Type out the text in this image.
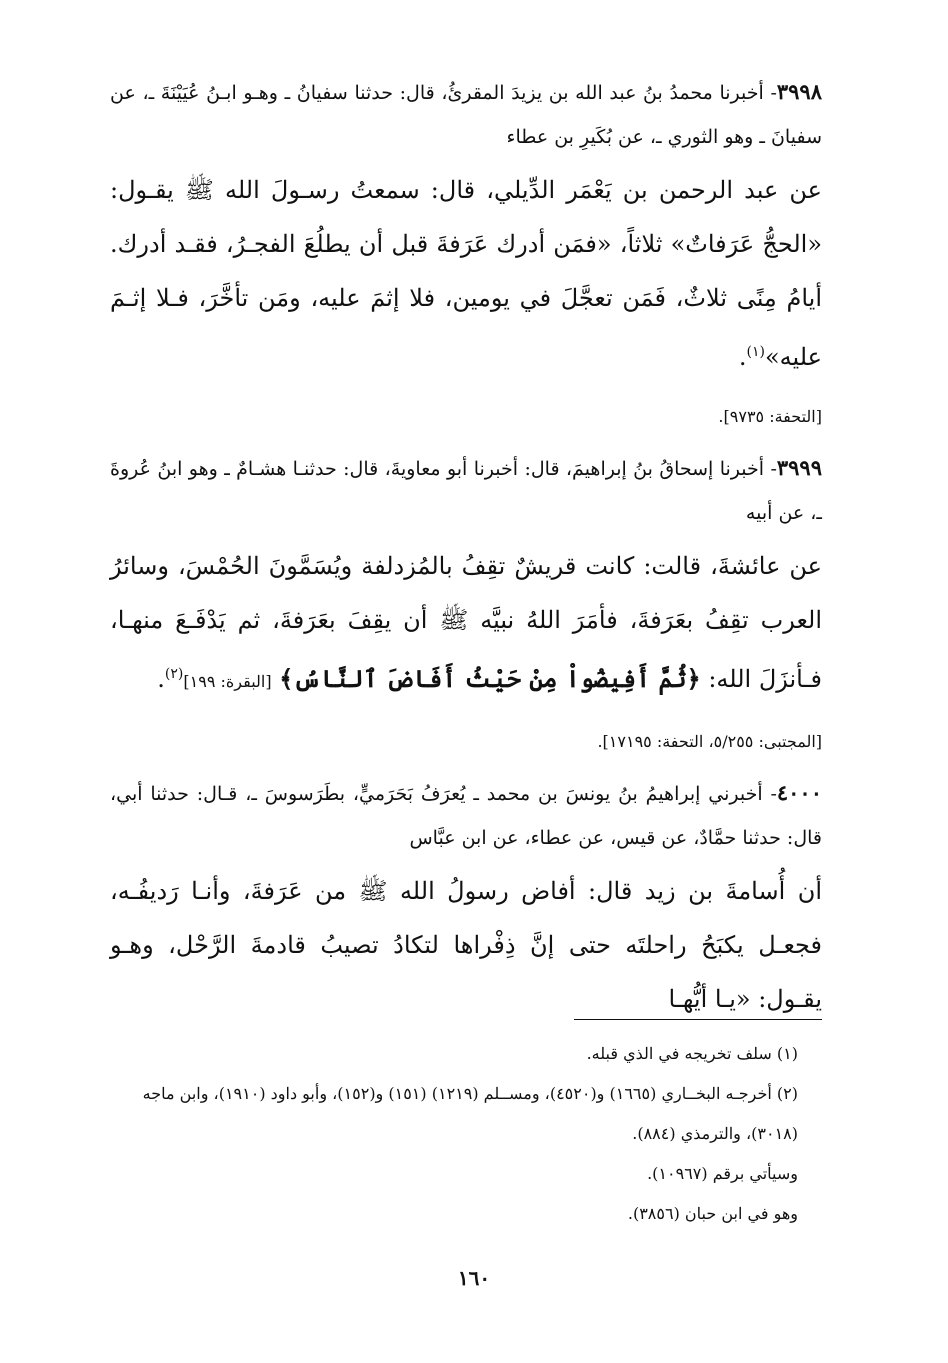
٣٩٩٨- أخبرنا محمدُ بنُ عبد الله بن يزيدَ المقرئُ، قال: حدثنا سفيانُ ـ وهـو ابـنُ عُيَيْنَةَ ـ، عن سفيانَ ـ وهو الثوري ـ، عن بُكَيرِ بن عطاء

عن عبد الرحمن بن يَعْمَر الدِّيلي، قال: سمعتُ رسـولَ الله ﷺ يقـول: «الحجُّ عَرَفاتٌ» ثلاثاً، «فمَن أدرك عَرَفةَ قبل أن يطلُعَ الفجـرُ، فقـد أدرك. أيامُ مِنًى ثلاثٌ، فَمَن تعجَّلَ في يومين، فلا إثمَ عليه، ومَن تأخَّرَ، فـلا إثـمَ عليه»$^{(١)}$.

[التحفة: ٩٧٣٥].

٣٩٩٩- أخبرنا إسحاقُ بنُ إبراهيمَ، قال: أخبرنا أبو معاويةَ، قال: حدثنـا هشـامٌ ـ وهو ابنُ عُروةَ ـ، عن أبيه

عن عائشةَ، قالت: كانت قريشٌ تقِفُ بالمُزدلفة ويُسَمَّونَ الحُمْسَ، وسائرُ العرب تقِفُ بعَرَفةَ، فأمَرَ اللهُ نبيَّه ﷺ أن يقِفَ بعَرَفةَ، ثم يَدْفَـعَ منهـا، فـأنزَلَ الله: ﴿ثُمَّ أَفِيضُواْ مِنْ حَيْثُ أَفَاضَ ٱلنَّاسُ﴾ [البقرة: ١٩٩]$^{(٢)}$.

[المجتبى: ٥/٢٥٥، التحفة: ١٧١٩٥].

٤٠٠٠- أخبرني إبراهيمُ بنُ يونسَ بن محمد ـ يُعرَفُ بَحَرَميٍّ، بطَرَسوسَ ـ، قـال: حدثنا أبي، قال: حدثنا حمَّادٌ، عن قيس، عن عطاء، عن ابن عبَّاس

أن أُسامةَ بن زيد قال: أفاض رسولُ الله ﷺ من عَرَفةَ، وأنـا رَديفُـه، فجعـل يكبَحُ راحلتَه حتى إنَّ ذِفْراها لتكادُ تصيبُ قادمةَ الرَّحْل، وهـو يقـول: «يـا أيُّهـا

(١) سلف تخريجه في الذي قبله.

(٢) أخرجـه البخــاري (١٦٦٥) و(٤٥٢٠)، ومســلم (١٢١٩) (١٥١) و(١٥٢)، وأبو داود (١٩١٠)، وابن ماجه (٣٠١٨)، والترمذي (٨٨٤).

وسيأتي برقم (١٠٩٦٧).

وهو في ابن حبان (٣٨٥٦).

١٦٠
